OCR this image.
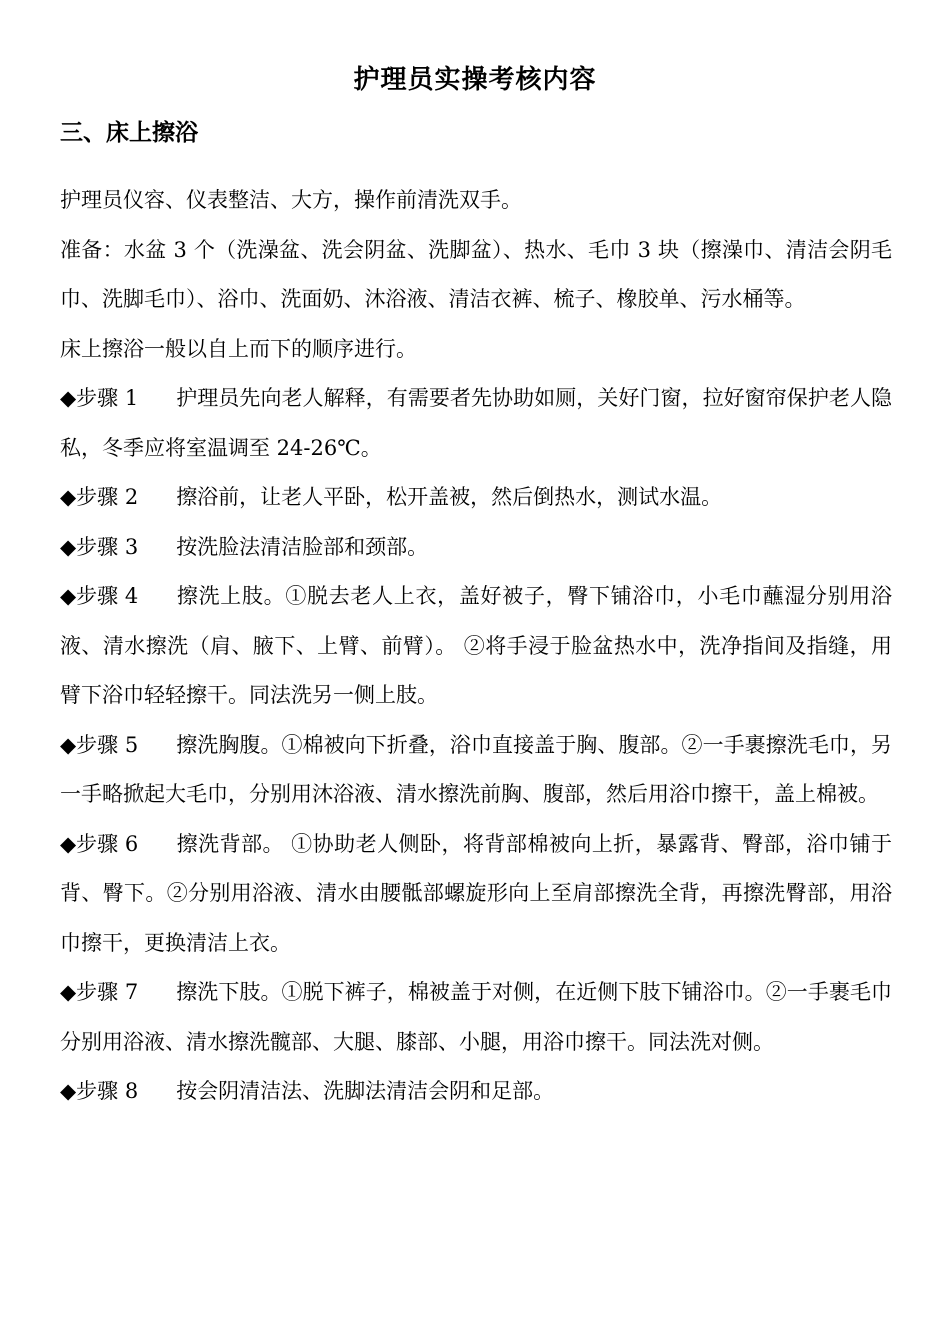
护理员实操考核内容
三、床上擦浴

护理员仪容、仪表整洁、大方，操作前清洗双手。

准备：水盆 3 个（洗澡盆、洗会阴盆、洗脚盆）、热水、毛巾 3 块（擦澡巾、清洁会阴毛巾、洗脚毛巾）、浴巾、洗面奶、沐浴液、清洁衣裤、梳子、橡胶单、污水桶等。

床上擦浴一般以自上而下的顺序进行。

◆步骤 1 护理员先向老人解释，有需要者先协助如厕，关好门窗，拉好窗帘保护老人隐私，冬季应将室温调至 24-26℃。

◆步骤 2 擦浴前，让老人平卧，松开盖被，然后倒热水，测试水温。

◆步骤 3 按洗脸法清洁脸部和颈部。

◆步骤 4 擦洗上肢。①脱去老人上衣，盖好被子，臀下铺浴巾，小毛巾蘸湿分别用浴液、清水擦洗（肩、腋下、上臂、前臂）。 ②将手浸于脸盆热水中，洗净指间及指缝，用臂下浴巾轻轻擦干。同法洗另一侧上肢。

◆步骤 5 擦洗胸腹。①棉被向下折叠，浴巾直接盖于胸、腹部。②一手裹擦洗毛巾，另一手略掀起大毛巾，分别用沐浴液、清水擦洗前胸、腹部，然后用浴巾擦干，盖上棉被。

◆步骤 6 擦洗背部。 ①协助老人侧卧，将背部棉被向上折，暴露背、臀部，浴巾铺于背、臀下。②分别用浴液、清水由腰骶部螺旋形向上至肩部擦洗全背，再擦洗臀部，用浴巾擦干，更换清洁上衣。

◆步骤 7 擦洗下肢。①脱下裤子，棉被盖于对侧，在近侧下肢下铺浴巾。②一手裹毛巾分别用浴液、清水擦洗髋部、大腿、膝部、小腿，用浴巾擦干。同法洗对侧。

◆步骤 8 按会阴清洁法、洗脚法清洁会阴和足部。
